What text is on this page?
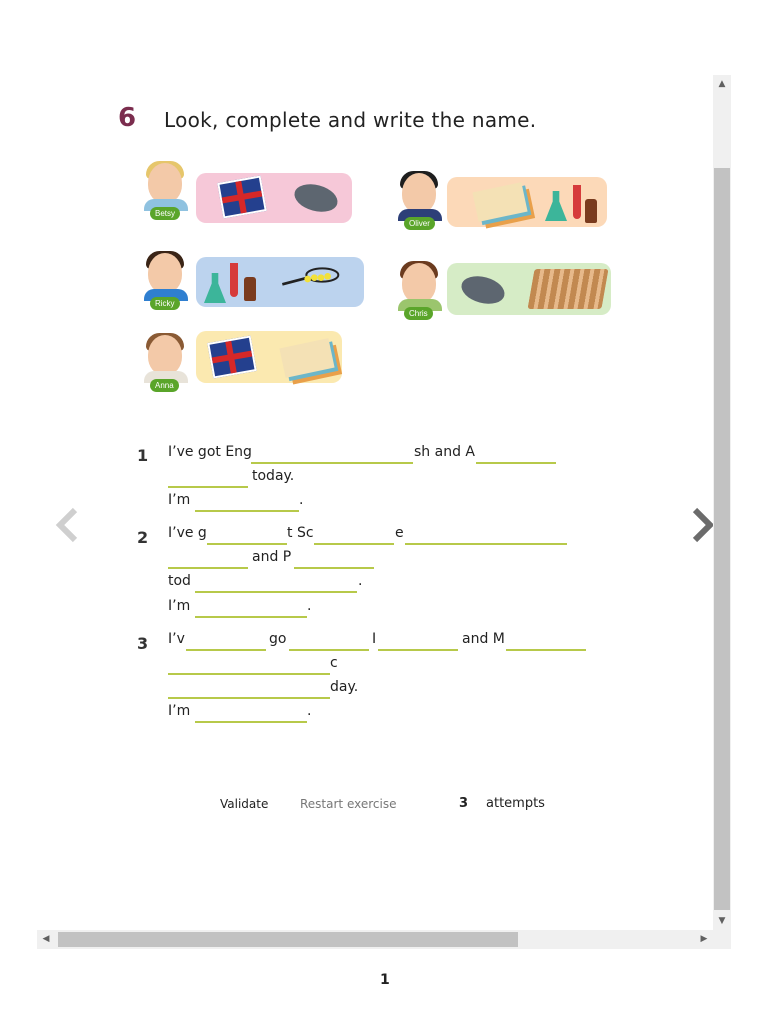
6 Look, complete and write the name.
Betsy
Oliver
Ricky
Chris
Anna
1 I’ve got Eng	sh and A
today.
I’m	.
2 I’ve g	t Sc	e
and P
tod	.
I’m	.
3 I’v	go	I	and M
c
day.
I’m	.
Validate	Restart exercise	3 attempts
▲
▼
◀	▶
1
